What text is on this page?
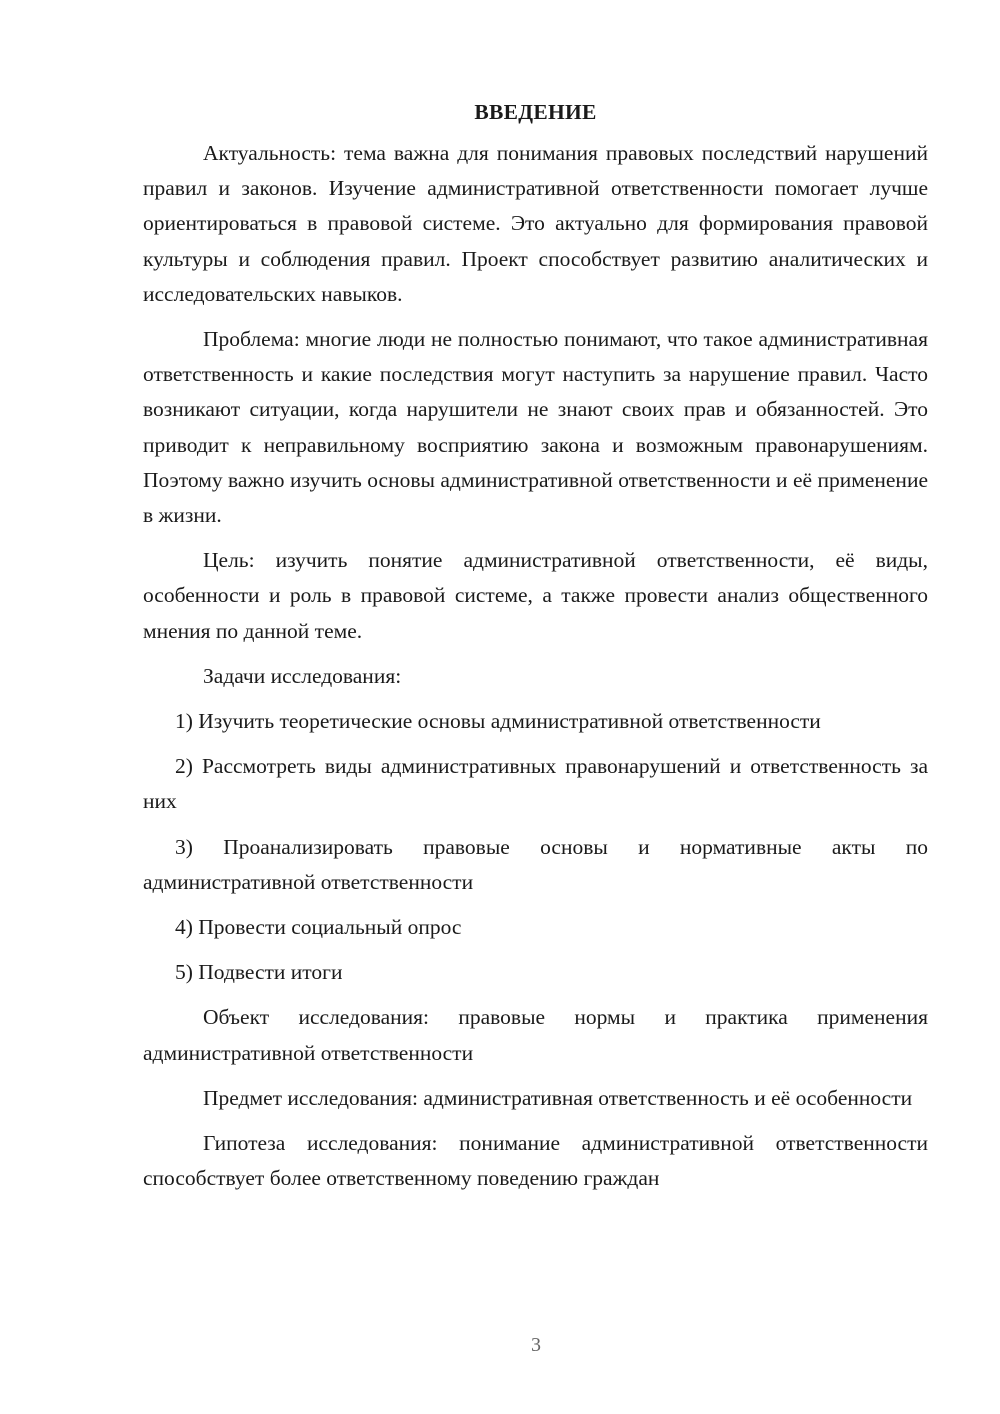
ВВЕДЕНИЕ

Актуальность: тема важна для понимания правовых последствий нарушений правил и законов. Изучение административной ответственности помогает лучше ориентироваться в правовой системе. Это актуально для формирования правовой культуры и соблюдения правил. Проект способствует развитию аналитических и исследовательских навыков.

Проблема: многие люди не полностью понимают, что такое административная ответственность и какие последствия могут наступить за нарушение правил. Часто возникают ситуации, когда нарушители не знают своих прав и обязанностей. Это приводит к неправильному восприятию закона и возможным правонарушениям. Поэтому важно изучить основы административной ответственности и её применение в жизни.

Цель: изучить понятие административной ответственности, её виды, особенности и роль в правовой системе, а также провести анализ общественного мнения по данной теме.

Задачи исследования:

1) Изучить теоретические основы административной ответственности

2) Рассмотреть виды административных правонарушений и ответственность за них

3) Проанализировать правовые основы и нормативные акты по административной ответственности

4) Провести социальный опрос

5) Подвести итоги

Объект исследования: правовые нормы и практика применения административной ответственности

Предмет исследования: административная ответственность и её особенности

Гипотеза исследования: понимание административной ответственности способствует более ответственному поведению граждан

3
